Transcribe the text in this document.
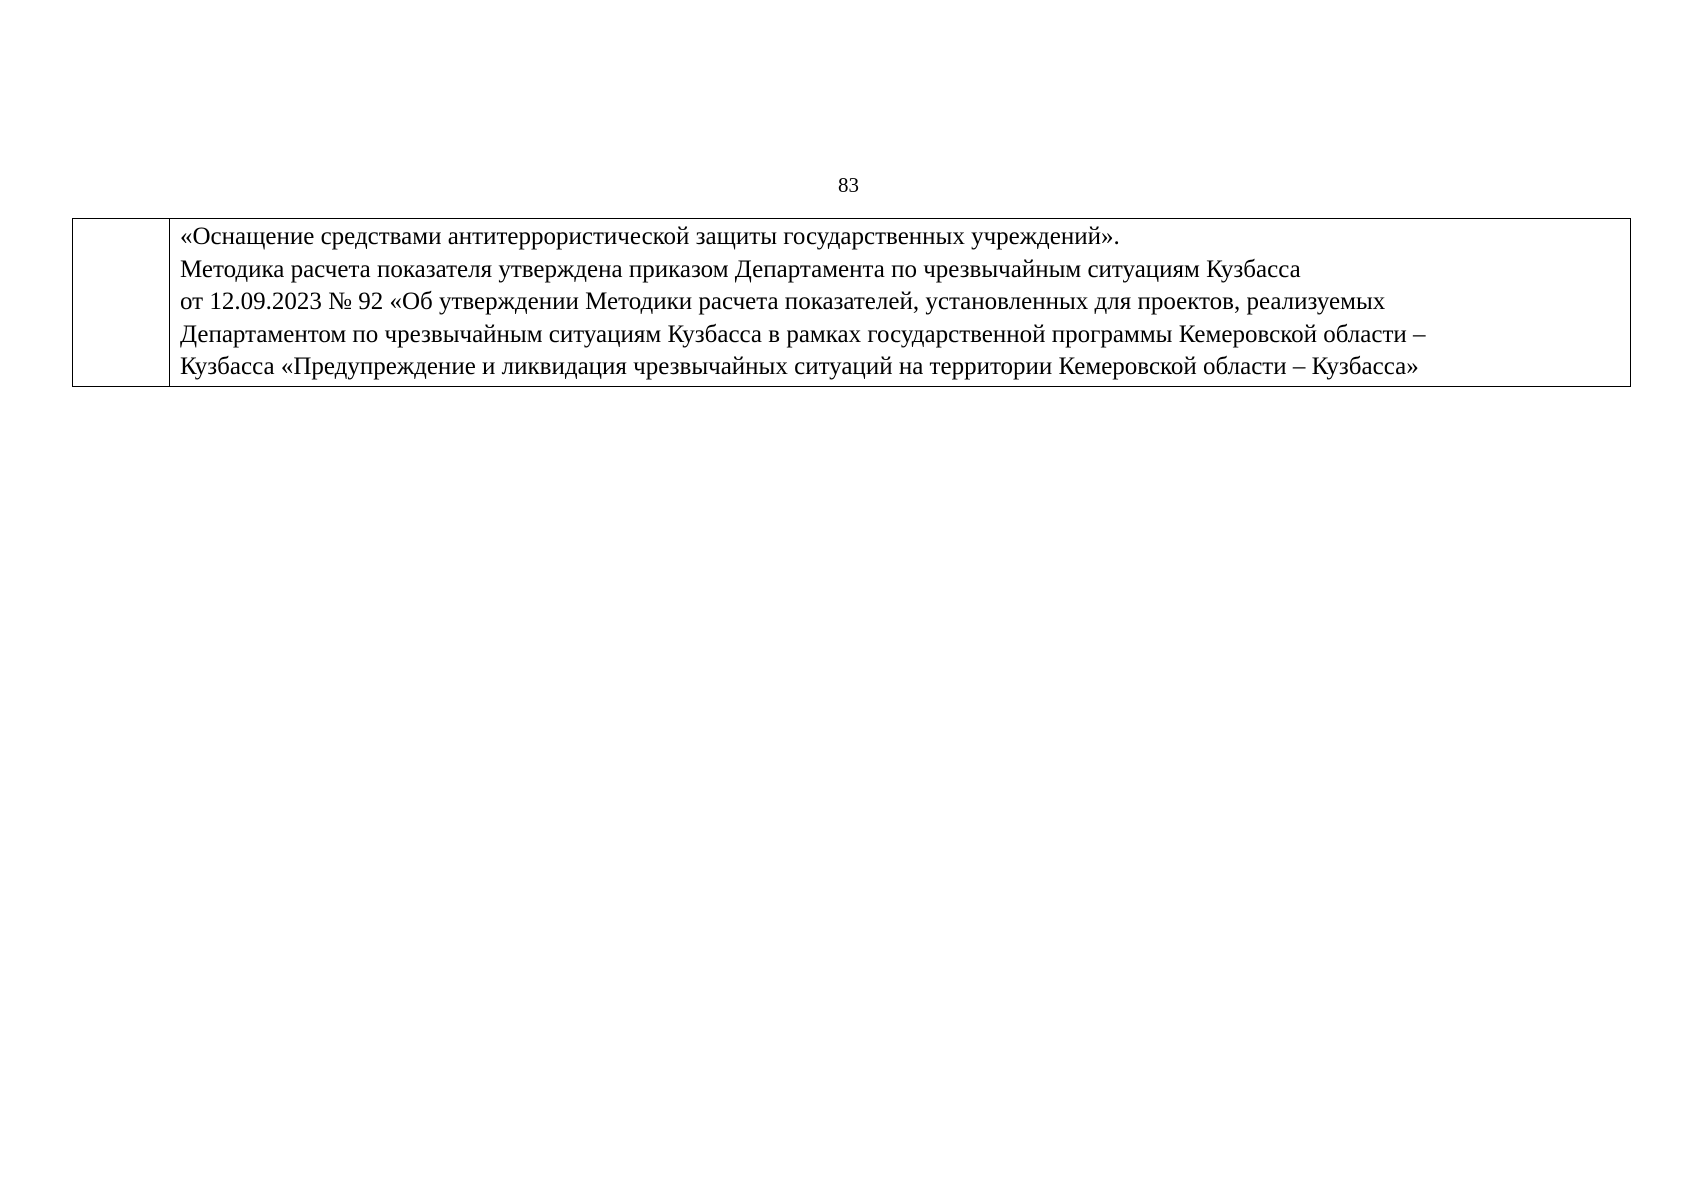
83

«Оснащение средствами антитеррористической защиты государственных учреждений».
Методика расчета показателя утверждена приказом Департамента по чрезвычайным ситуациям Кузбасса
от 12.09.2023 № 92 «Об утверждении Методики расчета показателей, установленных для проектов, реализуемых
Департаментом по чрезвычайным ситуациям Кузбасса в рамках государственной программы Кемеровской области –
Кузбасса «Предупреждение и ликвидация чрезвычайных ситуаций на территории Кемеровской области – Кузбасса»
